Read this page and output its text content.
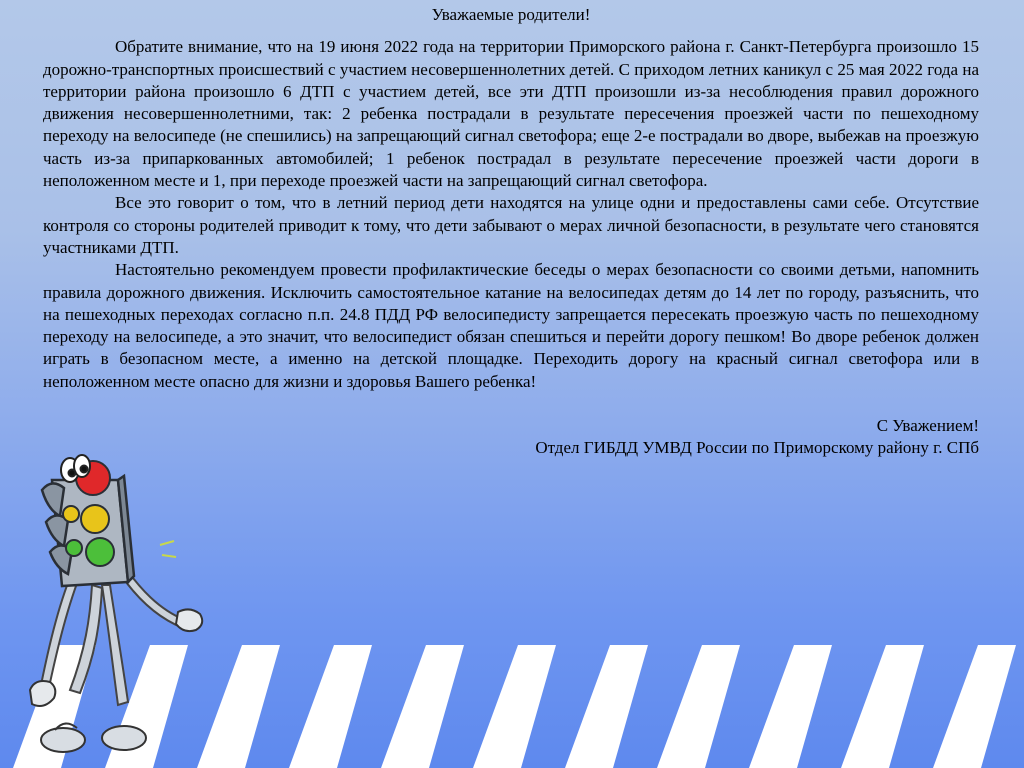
Уважаемые родители!

Обратите внимание, что на 19 июня 2022 года на территории Приморского района г. Санкт-Петербурга произошло 15 дорожно-транспортных происшествий с участием несовершеннолетних детей. С приходом летних каникул с 25 мая 2022 года на территории района произошло 6 ДТП с участием детей, все эти ДТП произошли из-за несоблюдения правил дорожного движения несовершеннолетними, так: 2 ребенка пострадали в результате пересечения проезжей части по пешеходному переходу на велосипеде (не спешились) на запрещающий сигнал светофора; еще 2-е пострадали во дворе, выбежав на проезжую часть из-за припаркованных автомобилей; 1 ребенок пострадал в результате пересечение проезжей части дороги в неположенном месте и 1, при переходе проезжей части на запрещающий сигнал светофора.

Все это говорит о том, что в летний период дети находятся на улице одни и предоставлены сами себе. Отсутствие контроля со стороны родителей приводит к тому, что дети забывают о мерах личной безопасности, в результате чего становятся участниками ДТП.

Настоятельно рекомендуем провести профилактические беседы о мерах безопасности со своими детьми, напомнить правила дорожного движения. Исключить самостоятельное катание на велосипедах детям до 14 лет по городу, разъяснить, что на пешеходных переходах согласно п.п. 24.8 ПДД РФ велосипедисту запрещается пересекать проезжую часть по пешеходному переходу на велосипеде, а это значит, что велосипедист обязан спешиться и перейти дорогу пешком! Во дворе ребенок должен играть в безопасном месте, а именно на детской площадке. Переходить дорогу на красный сигнал светофора или в неположенном месте опасно для жизни и здоровья Вашего ребенка!

С Уважением!
Отдел ГИБДД УМВД России по Приморскому району г. СПб
